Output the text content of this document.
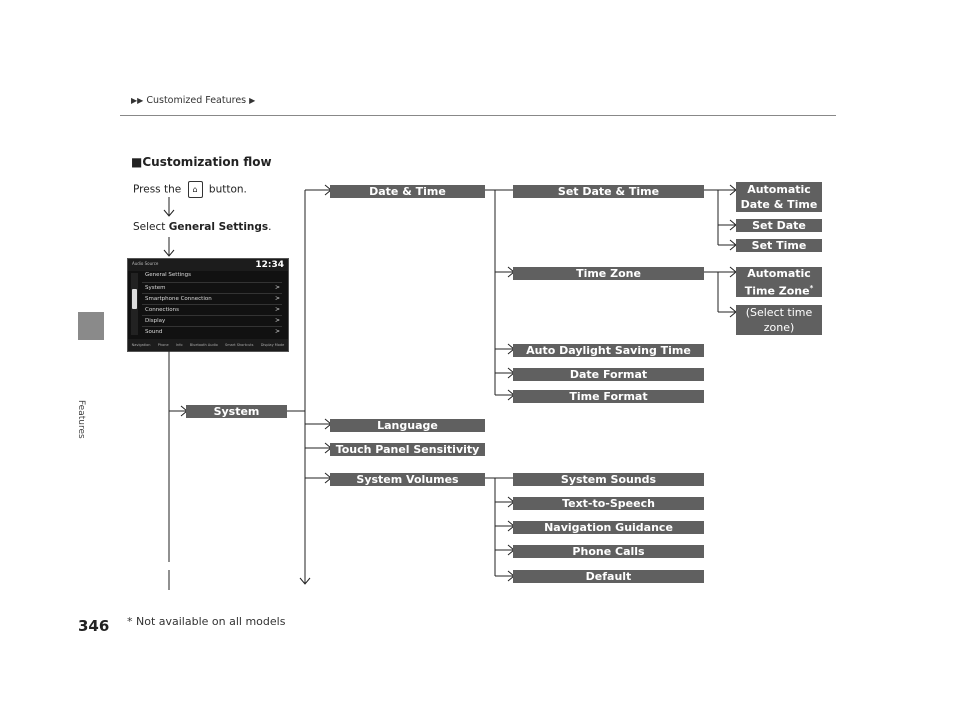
Features
▶▶ Customized Features ▶
■Customization flow
Press the ⌂ button.
Select General Settings.
Audio Source	12:34
General Settings
System	>
Smartphone Connection	>
Connections	>
Display	>
Sound	>
Navigation Phone Info Bluetooth Audio Smart Shortcuts Display Mode
System
Date & Time
Language
Touch Panel Sensitivity
System Volumes
Set Date & Time
Time Zone
Auto Daylight Saving Time
Date Format
Time Format
System Sounds
Text-to-Speech
Navigation Guidance
Phone Calls
Default
Automatic
Date & Time
Set Date
Set Time
Automatic
Time Zone*
(Select time
zone)
346 * Not available on all models
